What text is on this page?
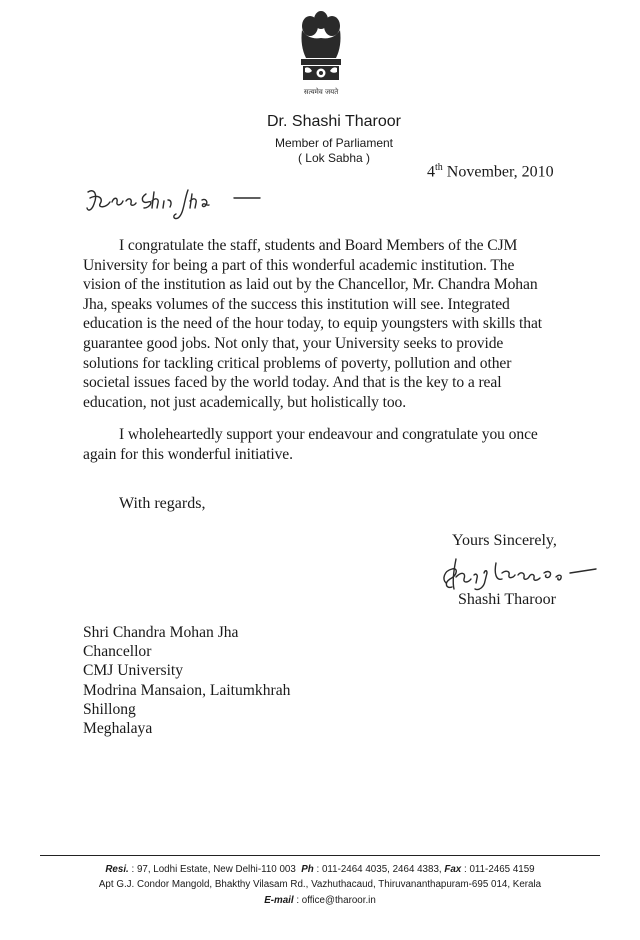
सत्यमेव जयते
Dr. Shashi Tharoor
Member of Parliament
( Lok Sabha )
4th November, 2010
Dear Shri Jha —

I congratulate the staff, students and Board Members of the CJM University for being a part of this wonderful academic institution. The vision of the institution as laid out by the Chancellor, Mr. Chandra Mohan Jha, speaks volumes of the success this institution will see. Integrated education is the need of the hour today, to equip youngsters with skills that guarantee good jobs. Not only that, your University seeks to provide solutions for tackling critical problems of poverty, pollution and other societal issues faced by the world today. And that is the key to a real education, not just academically, but holistically too.

I wholeheartedly support your endeavour and congratulate you once again for this wonderful initiative.

With regards,
Yours Sincerely,
Shashi Tharoor
Shashi Tharoor
Shri Chandra Mohan Jha
Chancellor
CMJ University
Modrina Mansaion, Laitumkhrah
Shillong
Meghalaya
Resi. : 97, Lodhi Estate, New Delhi-110 003 Ph : 011-2464 4035, 2464 4383, Fax : 011-2465 4159
Apt G.J. Condor Mangold, Bhakthy Vilasam Rd., Vazhuthacaud, Thiruvananthapuram-695 014, Kerala
E-mail : office@tharoor.in
